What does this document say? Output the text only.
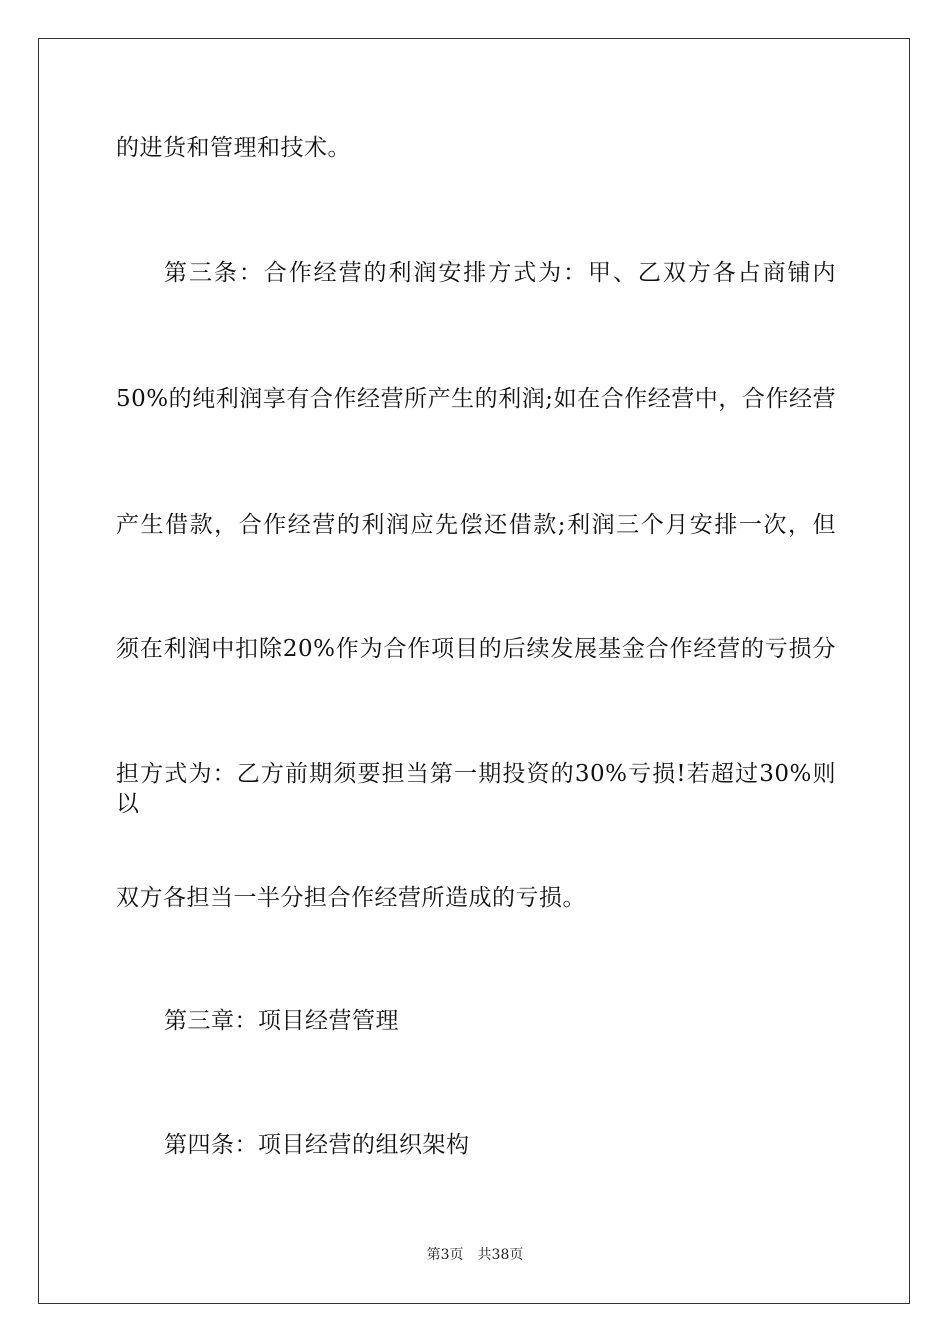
的进货和管理和技术。
第三条：合作经营的利润安排方式为：甲、乙双方各占商铺内
50%的纯利润享有合作经营所产生的利润;如在合作经营中，合作经营
产生借款，合作经营的利润应先偿还借款;利润三个月安排一次，但
须在利润中扣除20%作为合作项目的后续发展基金合作经营的亏损分
担方式为：乙方前期须要担当第一期投资的30%亏损!若超过30%则以
双方各担当一半分担合作经营所造成的亏损。
第三章：项目经营管理
第四条：项目经营的组织架构
第3页 共38页
